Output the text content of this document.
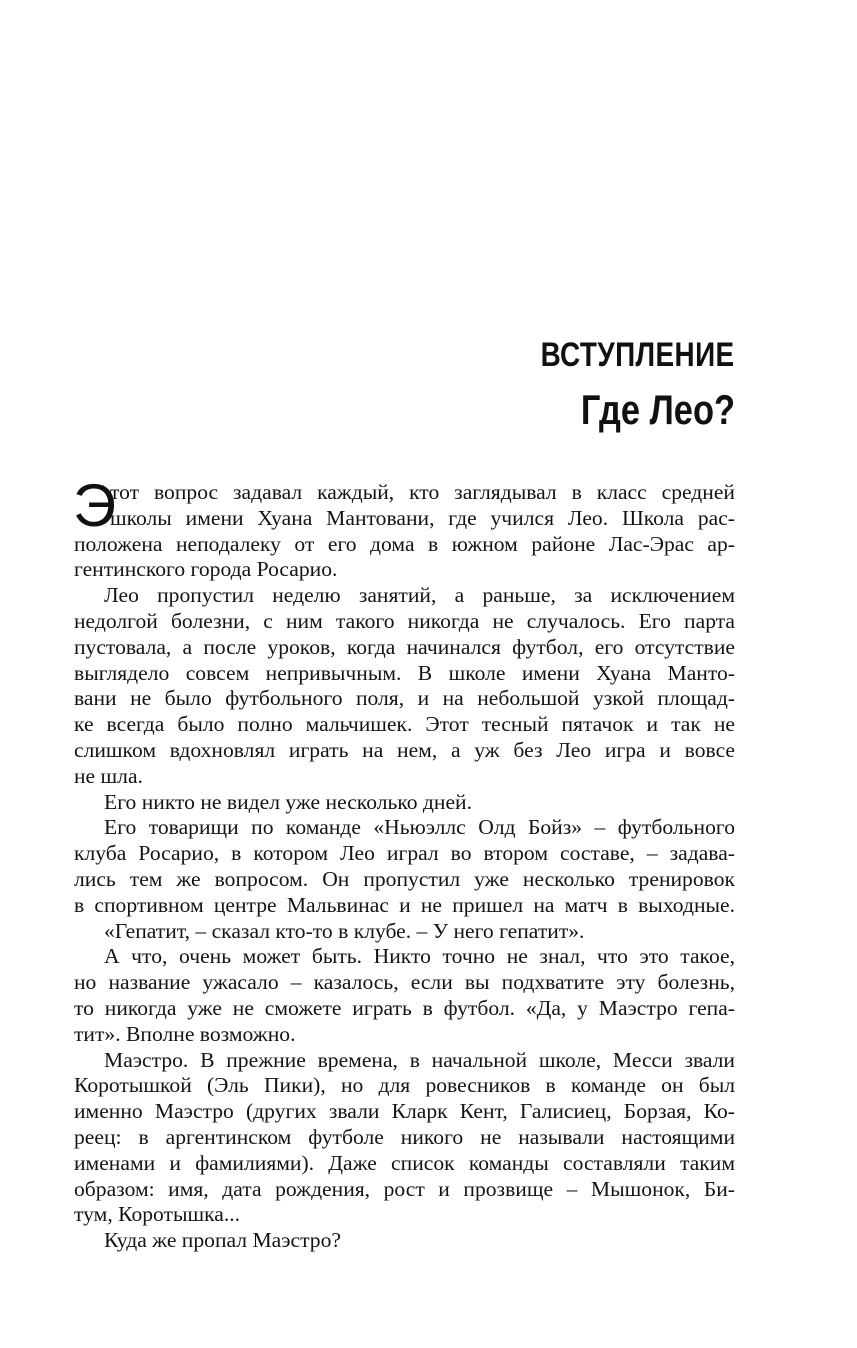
ВСТУПЛЕНИЕ
Где Лео?
Э
тот вопрос задавал каждый, кто заглядывал в класс средней
школы имени Хуана Мантовани, где учился Лео. Школа рас-
положена неподалеку от его дома в южном районе Лас-Эрас ар-
гентинского города Росарио.
Лео пропустил неделю занятий, а раньше, за исключением
недолгой болезни, с ним такого никогда не случалось. Его парта
пустовала, а после уроков, когда начинался футбол, его отсутствие
выглядело совсем непривычным. В школе имени Хуана Манто-
вани не было футбольного поля, и на небольшой узкой площад-
ке всегда было полно мальчишек. Этот тесный пятачок и так не
слишком вдохновлял играть на нем, а уж без Лео игра и вовсе
не шла.
Его никто не видел уже несколько дней.
Его товарищи по команде «Ньюэллс Олд Бойз» – футбольного
клуба Росарио, в котором Лео играл во втором составе, – задава-
лись тем же вопросом. Он пропустил уже несколько тренировок
в спортивном центре Мальвинас и не пришел на матч в выходные.
«Гепатит, – сказал кто-то в клубе. – У него гепатит».
А что, очень может быть. Никто точно не знал, что это такое,
но название ужасало – казалось, если вы подхватите эту болезнь,
то никогда уже не сможете играть в футбол. «Да, у Маэстро гепа-
тит». Вполне возможно.
Маэстро. В прежние времена, в начальной школе, Месси звали
Коротышкой (Эль Пики), но для ровесников в команде он был
именно Маэстро (других звали Кларк Кент, Галисиец, Борзая, Ко-
реец: в аргентинском футболе никого не называли настоящими
именами и фамилиями). Даже список команды составляли таким
образом: имя, дата рождения, рост и прозвище – Мышонок, Би-
тум, Коротышка...
Куда же пропал Маэстро?
